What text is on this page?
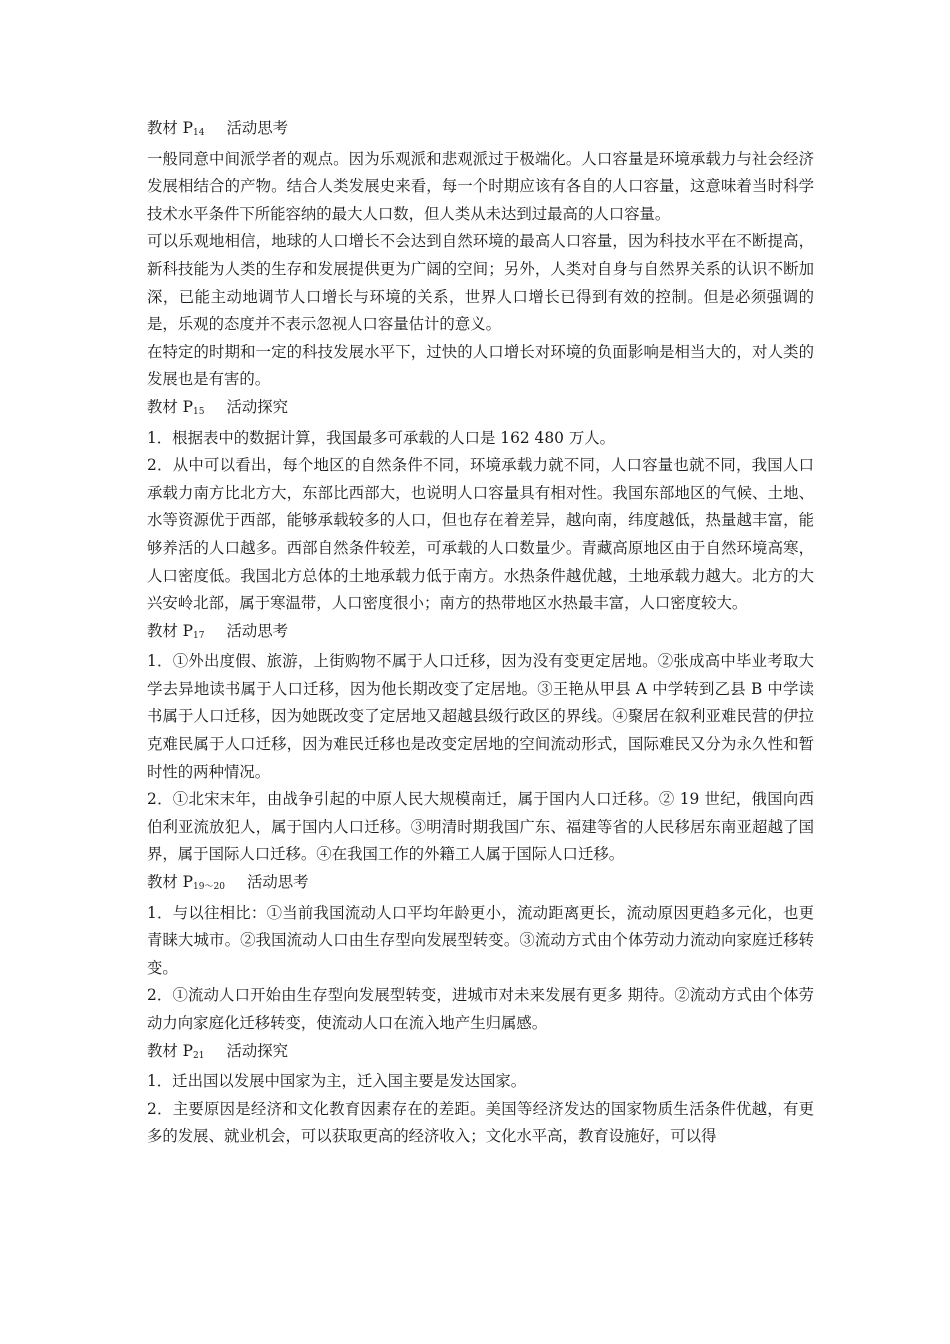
教材 P14 活动思考

一般同意中间派学者的观点。因为乐观派和悲观派过于极端化。人口容量是环境承载力与社会经济发展相结合的产物。结合人类发展史来看，每一个时期应该有各自的人口容量，这意味着当时科学技术水平条件下所能容纳的最大人口数，但人类从未达到过最高的人口容量。

可以乐观地相信，地球的人口增长不会达到自然环境的最高人口容量，因为科技水平在不断提高，新科技能为人类的生存和发展提供更为广阔的空间；另外，人类对自身与自然界关系的认识不断加深，已能主动地调节人口增长与环境的关系，世界人口增长已得到有效的控制。但是必须强调的是，乐观的态度并不表示忽视人口容量估计的意义。

在特定的时期和一定的科技发展水平下，过快的人口增长对环境的负面影响是相当大的，对人类的发展也是有害的。

教材 P15 活动探究

1．根据表中的数据计算，我国最多可承载的人口是 162 480 万人。

2．从中可以看出，每个地区的自然条件不同，环境承载力就不同，人口容量也就不同，我国人口承载力南方比北方大，东部比西部大，也说明人口容量具有相对性。我国东部地区的气候、土地、水等资源优于西部，能够承载较多的人口，但也存在着差异，越向南，纬度越低，热量越丰富，能够养活的人口越多。西部自然条件较差，可承载的人口数量少。青藏高原地区由于自然环境高寒，人口密度低。我国北方总体的土地承载力低于南方。水热条件越优越，土地承载力越大。北方的大兴安岭北部，属于寒温带，人口密度很小；南方的热带地区水热最丰富，人口密度较大。

教材 P17 活动思考

1．①外出度假、旅游，上街购物不属于人口迁移，因为没有变更定居地。②张成高中毕业考取大学去异地读书属于人口迁移，因为他长期改变了定居地。③王艳从甲县 A 中学转到乙县 B 中学读书属于人口迁移，因为她既改变了定居地又超越县级行政区的界线。④聚居在叙利亚难民营的伊拉克难民属于人口迁移，因为难民迁移也是改变定居地的空间流动形式，国际难民又分为永久性和暂时性的两种情况。

2．①北宋末年，由战争引起的中原人民大规模南迁，属于国内人口迁移。② 19 世纪，俄国向西伯利亚流放犯人，属于国内人口迁移。③明清时期我国广东、福建等省的人民移居东南亚超越了国界，属于国际人口迁移。④在我国工作的外籍工人属于国际人口迁移。

教材 P19～20 活动思考

1．与以往相比：①当前我国流动人口平均年龄更小，流动距离更长，流动原因更趋多元化，也更青睐大城市。②我国流动人口由生存型向发展型转变。③流动方式由个体劳动力流动向家庭迁移转变。

2．①流动人口开始由生存型向发展型转变，进城市对未来发展有更多 期待。②流动方式由个体劳动力向家庭化迁移转变，使流动人口在流入地产生归属感。

教材 P21 活动探究

1．迁出国以发展中国家为主，迁入国主要是发达国家。

2．主要原因是经济和文化教育因素存在的差距。美国等经济发达的国家物质生活条件优越，有更多的发展、就业机会，可以获取更高的经济收入；文化水平高，教育设施好，可以得
